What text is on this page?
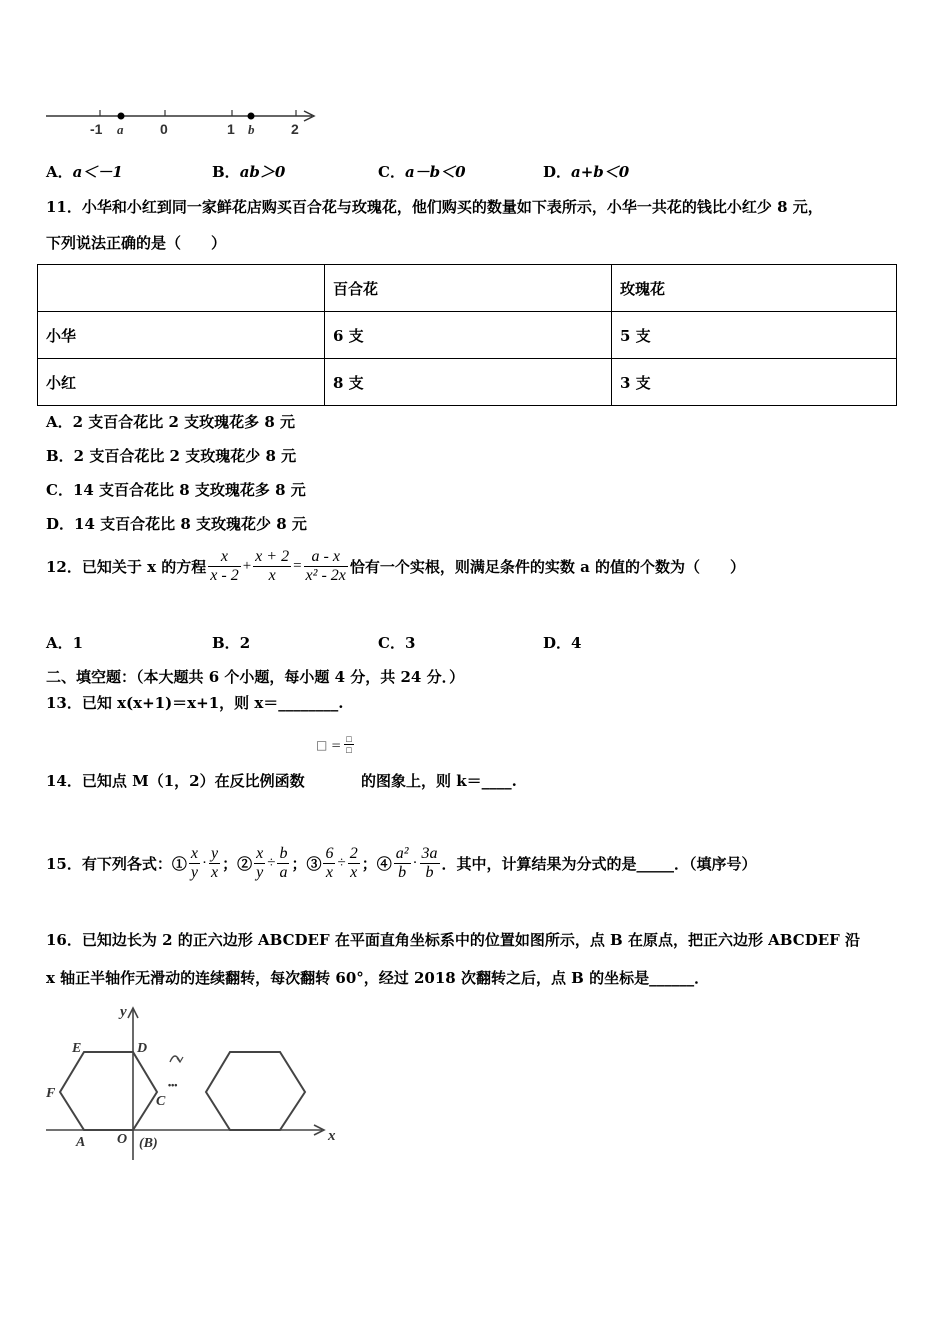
-1	0	1	2
a	b
A．a＜－1	B．ab＞0	C．a－b＜0	D．a+b＜0
11．小华和小红到同一家鲜花店购买百合花与玫瑰花，他们购买的数量如下表所示，小华一共花的钱比小红少 8 元，
下列说法正确的是（　　）
	百合花	玫瑰花
小华	6 支	5 支
小红	8 支	3 支
A．2 支百合花比 2 支玫瑰花多 8 元
B．2 支百合花比 2 支玫瑰花少 8 元
C．14 支百合花比 8 支玫瑰花多 8 元
D．14 支百合花比 8 支玫瑰花少 8 元
12．已知关于 x 的方程 $\frac{x}{x - 2} + \frac{x + 2}{x} = \frac{a - x}{\text{x² - 2x}}$ 恰有一个实根，则满足条件的实数 a 的值的个数为（　　）
A．1	B．2	C．3	D．4
二、填空题：（本大题共 6 个小题，每小题 4 分，共 24 分．）
13．已知 x(x+1)＝x+1，则 x＝________.
□ = $\frac{□}{□}$
14．已知点 M（1，2）在反比例函数	的图象上，则 k＝____.
15．有下列各式：① $\frac{x}{y} \cdot \frac{y}{x}$ ；② $\frac{x}{y} \div \frac{b}{a}$ ；③ $\frac{6}{x} \div \frac{2}{x}$ ；④ $\frac{\text{a²}}{b} \cdot \frac{3a}{b}$ ．其中，计算结果为分式的是_____．（填序号）
16．已知边长为 2 的正六边形 ABCDEF 在平面直角坐标系中的位置如图所示，点 B 在原点，把正六边形 ABCDEF 沿
x 轴正半轴作无滑动的连续翻转，每次翻转 60°，经过 2018 次翻转之后，点 B 的坐标是______．
y
x
E	D
F
C
A O (B)
•••
